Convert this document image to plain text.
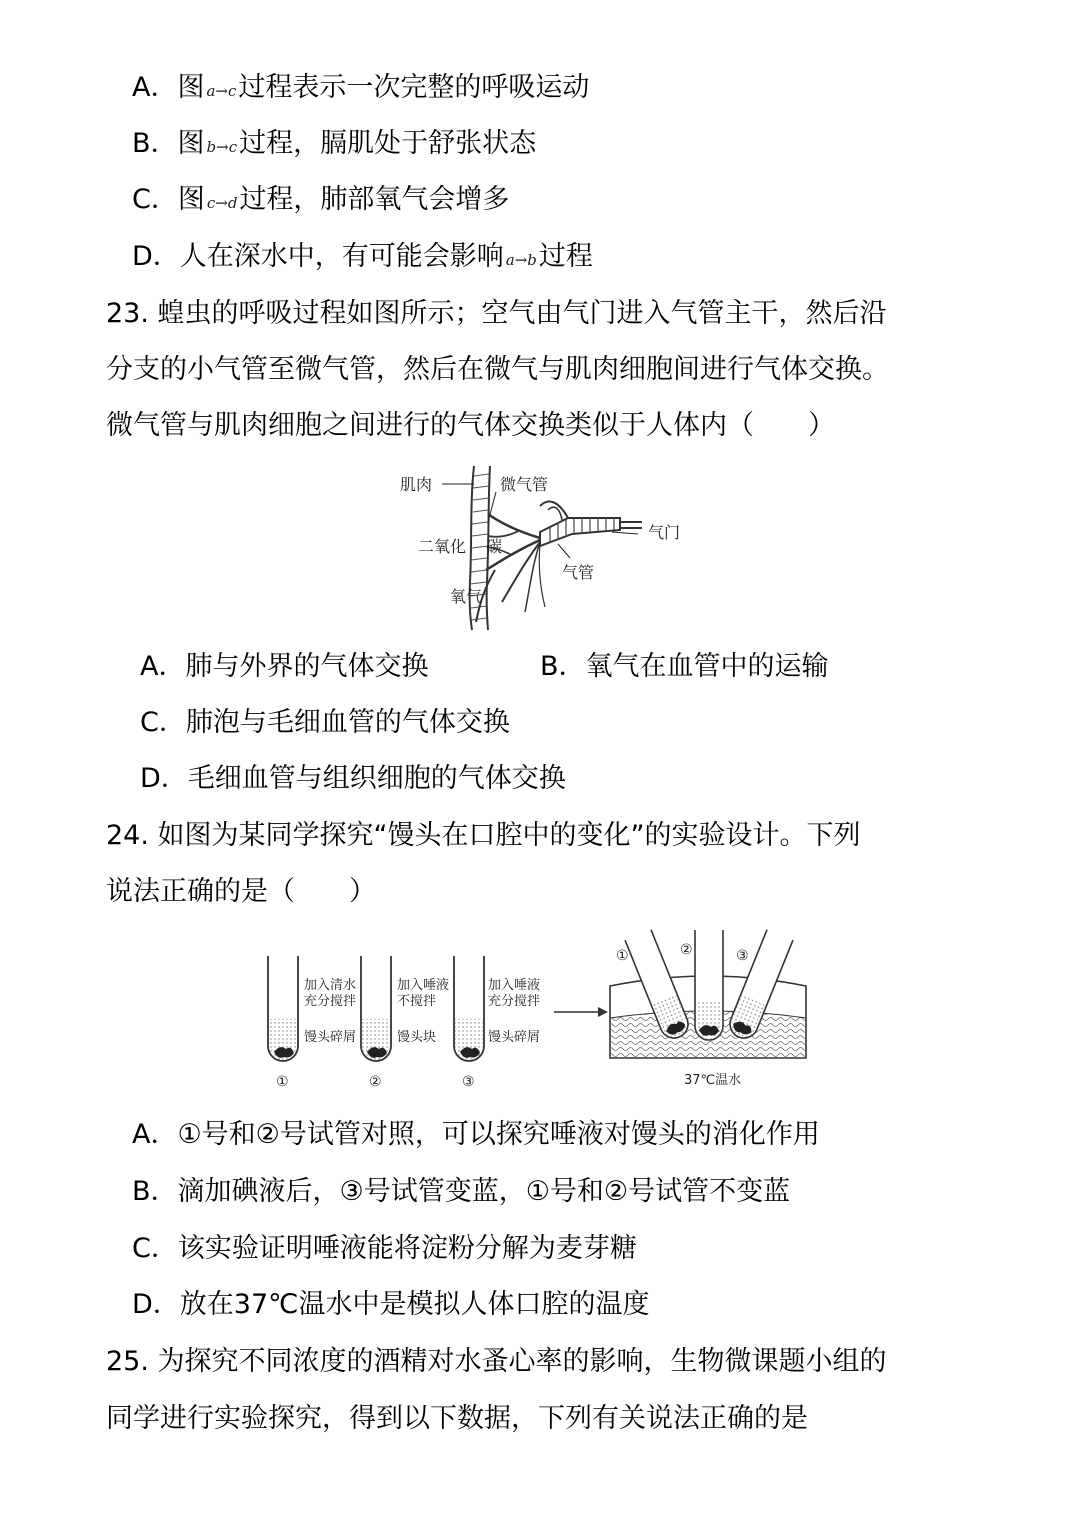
A．图 a→c过程表示一次完整的呼吸运动
B．图 b→c过程，膈肌处于舒张状态
C．图 c→d过程，肺部氧气会增多
D．人在深水中，有可能会影响 a→b过程
23. 蝗虫的呼吸过程如图所示；空气由气门进入气管主干，然后沿
分支的小气管至微气管，然后在微气与肌肉细胞间进行气体交换。
微气管与肌肉细胞之间进行的气体交换类似于人体内（　　）
肌肉	微气管
气门
二氧化 碳
气管
氧气
A．肺与外界的气体交换	B．氧气在血管中的运输
C．肺泡与毛细血管的气体交换
D．毛细血管与组织细胞的气体交换
24. 如图为某同学探究“馒头在口腔中的变化”的实验设计。下列
说法正确的是（　　）
加入清水
充分搅拌
馒头碎屑
①
加入唾液
不搅拌
馒头块
②
加入唾液
充分搅拌
馒头碎屑
③
①	②	③
37℃温水
A．①号和②号试管对照，可以探究唾液对馒头的消化作用
B．滴加碘液后，③号试管变蓝，①号和②号试管不变蓝
C．该实验证明唾液能将淀粉分解为麦芽糖
D．放在37℃温水中是模拟人体口腔的温度
25. 为探究不同浓度的酒精对水蚤心率的影响，生物微课题小组的
同学进行实验探究，得到以下数据，下列有关说法正确的是
